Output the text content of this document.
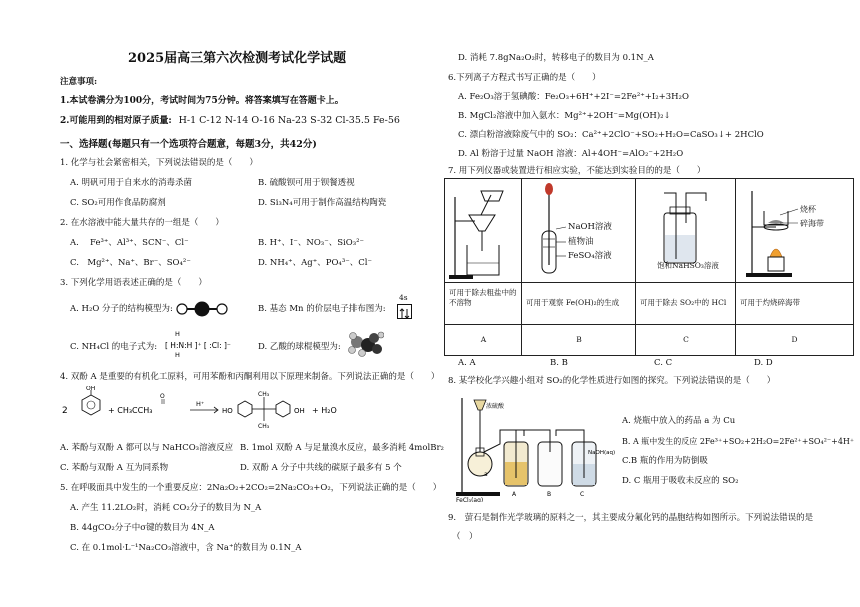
2025届高三第六次检测考试化学试题
注意事项:
1.本试卷满分为100分，考试时间为75分钟。将答案填写在答题卡上。
2.可能用到的相对原子质量: H-1 C-12 N-14 O-16 Na-23 S-32 Cl-35.5 Fe-56
一、选择题(每题只有一个选项符合题意，每题3分，共42分)
1. 化学与社会紧密相关，下列说法错误的是（　　）
A. 明矾可用于自来水的消毒杀菌	B. 硫酸钡可用于钡餐透视
C. SO₂可用作食品防腐剂	D. Si₃N₄可用于制作高温结构陶瓷
2. 在水溶液中能大量共存的一组是（　　）
A.　 Fe³⁺、Al³⁺、SCN⁻、Cl⁻	B. H⁺、I⁻、NO₃⁻、SiO₃²⁻
C.　Mg²⁺、Na⁺、Br⁻、SO₄²⁻	D. NH₄⁺、Ag⁺、PO₄³⁻、Cl⁻
3. 下列化学用语表述正确的是（　　）
A. H₂O 分子的结构模型为:	B. 基态 Mn 的价层电子排布图为:
4s
C. NH₄Cl 的电子式为:
H
[ H:N:H ]⁺ [ :Cl: ]⁻
H
D. 乙酸的球棍模型为:
4. 双酚 A 是重要的有机化工原料，可用苯酚和丙酮利用以下原理来制备。下列说法正确的是（　　）
2
OH
+ CH₃CCH₃
O
H⁺
HO
CH₃
CH₃
OH + H₂O
A. 苯酚与双酚 A 都可以与 NaHCO₃溶液反应 B. 1mol 双酚 A 与足量溴水反应，最多消耗 4molBr₂
C. 苯酚与双酚 A 互为同系物	D. 双酚 A 分子中共线的碳原子最多有 5 个
5. 在呼吸面具中发生的一个重要反应：2Na₂O₂+2CO₂=2Na₂CO₃+O₂，下列说法正确的是（　　）
A. 产生 11.2LO₂时，消耗 CO₂分子的数目为 N_A
B. 44gCO₂分子中σ键的数目为 4N_A
C. 在 0.1mol·L⁻¹Na₂CO₃溶液中，含 Na⁺的数目为 0.1N_A
D. 消耗 7.8gNa₂O₂时，转移电子的数目为 0.1N_A
6.下列离子方程式书写正确的是（　　）
A. Fe₂O₃溶于氢碘酸：Fe₂O₃+6H⁺+2I⁻=2Fe²⁺+I₂+3H₂O
B. MgCl₂溶液中加入氨水：Mg²⁺+2OH⁻=Mg(OH)₂↓
C. 漂白粉溶液除废气中的 SO₂：Ca²⁺+2ClO⁻+SO₂+H₂O=CaSO₃↓+ 2HClO
D. Al 粉溶于过量 NaOH 溶液：Al+4OH⁻=AlO₂⁻+2H₂O
7. 用下列仪器或装置进行相应实验，不能达到实验目的的是（　　）
NaOH溶液
植物油
FeSO₄溶液
饱和NaHSO₃溶液
烧杯
碎海带
可用于除去粗盐中的不溶物	可用于观察 Fe(OH)₂的生成	可用于除去 SO₂中的 HCl	可用于灼烧碎海带
A	B	C	D
A. A	B. B	C. C	D. D
8. 某学校化学兴趣小组对 SO₂的化学性质进行如图的探究。下列说法错误的是（　　）
浓硫酸
a
FeCl₃(aq)
A	B	C
NaOH(aq)
A. 烧瓶中放入的药品 a 为 Cu
B. A 瓶中发生的反应 2Fe³⁺+SO₂+2H₂O=2Fe²⁺+SO₄²⁻+4H⁺
C.B 瓶的作用为防倒吸
D. C 瓶用于吸收未反应的 SO₂
9.　萤石是制作光学玻璃的原料之一，其主要成分氟化钙的晶胞结构如图所示。下列说法错误的是
（　）
